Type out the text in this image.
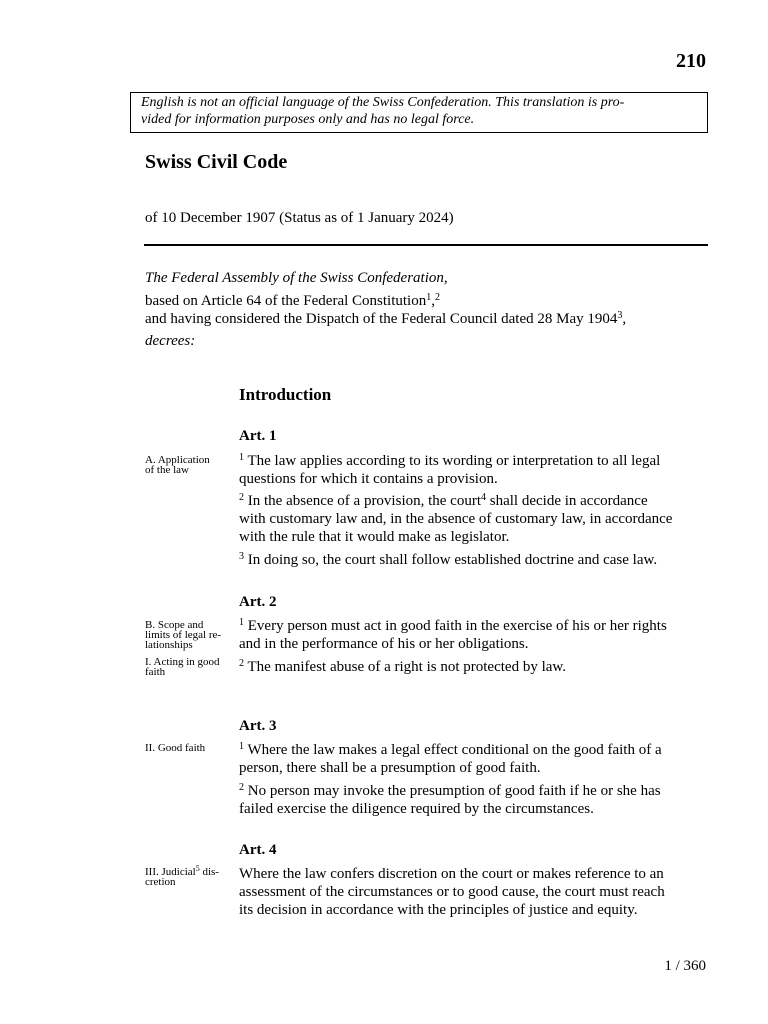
210
English is not an official language of the Swiss Confederation. This translation is pro-
vided for information purposes only and has no legal force.
Swiss Civil Code
of 10 December 1907 (Status as of 1 January 2024)
The Federal Assembly of the Swiss Confederation,
based on Article 64 of the Federal Constitution$^1$,$^2$
and having considered the Dispatch of the Federal Council dated 28 May 1904$^3$,
decrees:
Introduction
Art. 1
A. Application
of the law
$^1$ The law applies according to its wording or interpretation to all legal
questions for which it contains a provision.
$^2$ In the absence of a provision, the court$^4$ shall decide in accordance
with customary law and, in the absence of customary law, in accordance
with the rule that it would make as legislator.
$^3$ In doing so, the court shall follow established doctrine and case law.
Art. 2
B. Scope and
limits of legal re-
lationships
I. Acting in good
faith
$^1$ Every person must act in good faith in the exercise of his or her rights
and in the performance of his or her obligations.
$^2$ The manifest abuse of a right is not protected by law.
Art. 3
II. Good faith	$^1$ Where the law makes a legal effect conditional on the good faith of a
person, there shall be a presumption of good faith.
$^2$ No person may invoke the presumption of good faith if he or she has
failed exercise the diligence required by the circumstances.
Art. 4
III. Judicial$^5$ dis-
cretion	Where the law confers discretion on the court or makes reference to an
assessment of the circumstances or to good cause, the court must reach
its decision in accordance with the principles of justice and equity.
1 / 360
